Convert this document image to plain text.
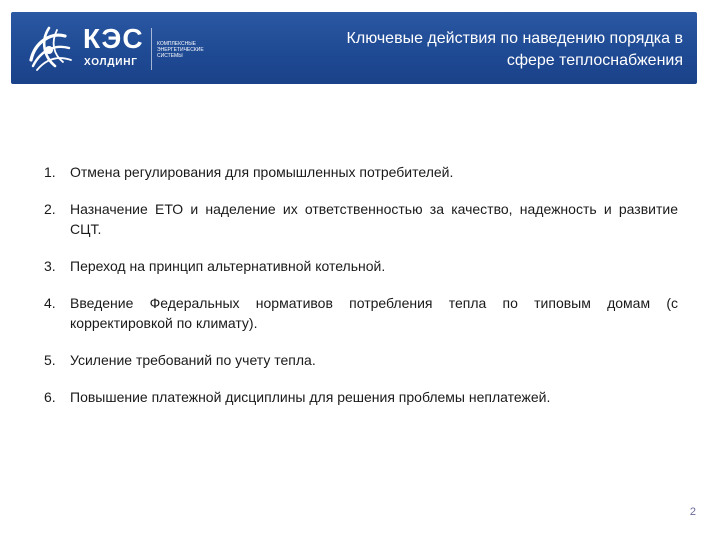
КЭС
ХОЛДИНГ
КОМПЛЕКСНЫЕ
ЭНЕРГЕТИЧЕСКИЕ
СИСТЕМЫ
Ключевые действия по наведению порядка в
сфере теплоснабжения
1. Отмена регулирования для промышленных потребителей.
2. Назначение ЕТО и наделение их ответственностью за качество, надежность и развитие СЦТ.
3. Переход на принцип альтернативной котельной.
4. Введение Федеральных нормативов потребления тепла по типовым домам (с корректировкой по климату).
5. Усиление требований по учету тепла.
6. Повышение платежной дисциплины для решения проблемы неплатежей.
2
